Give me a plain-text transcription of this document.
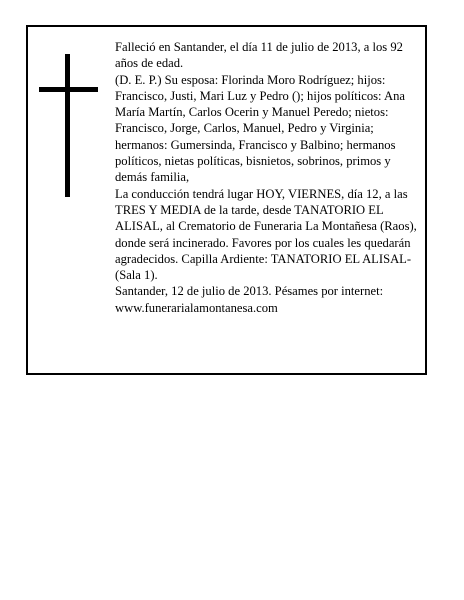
Falleció en Santander, el día 11 de julio de 2013, a los 92 años de edad.

(D. E. P.) Su esposa: Florinda Moro Rodríguez; hijos: Francisco, Justi, Mari Luz y Pedro (); hijos políticos: Ana María Martín, Carlos Ocerin y Manuel Peredo; nietos: Francisco, Jorge, Carlos, Manuel, Pedro y Virginia; hermanos: Gumersinda, Francisco y Balbino; hermanos políticos, nietas políticas, bisnietos, sobrinos, primos y demás familia,

La conducción tendrá lugar HOY, VIERNES, día 12, a las TRES Y MEDIA de la tarde, desde TANATORIO EL ALISAL, al Crematorio de Funeraria La Montañesa (Raos), donde será incinerado. Favores por los cuales les quedarán agradecidos. Capilla Ardiente: TANATORIO EL ALISAL-(Sala 1).

Santander, 12 de julio de 2013. Pésames por internet: www.funerarialamontanesa.com
